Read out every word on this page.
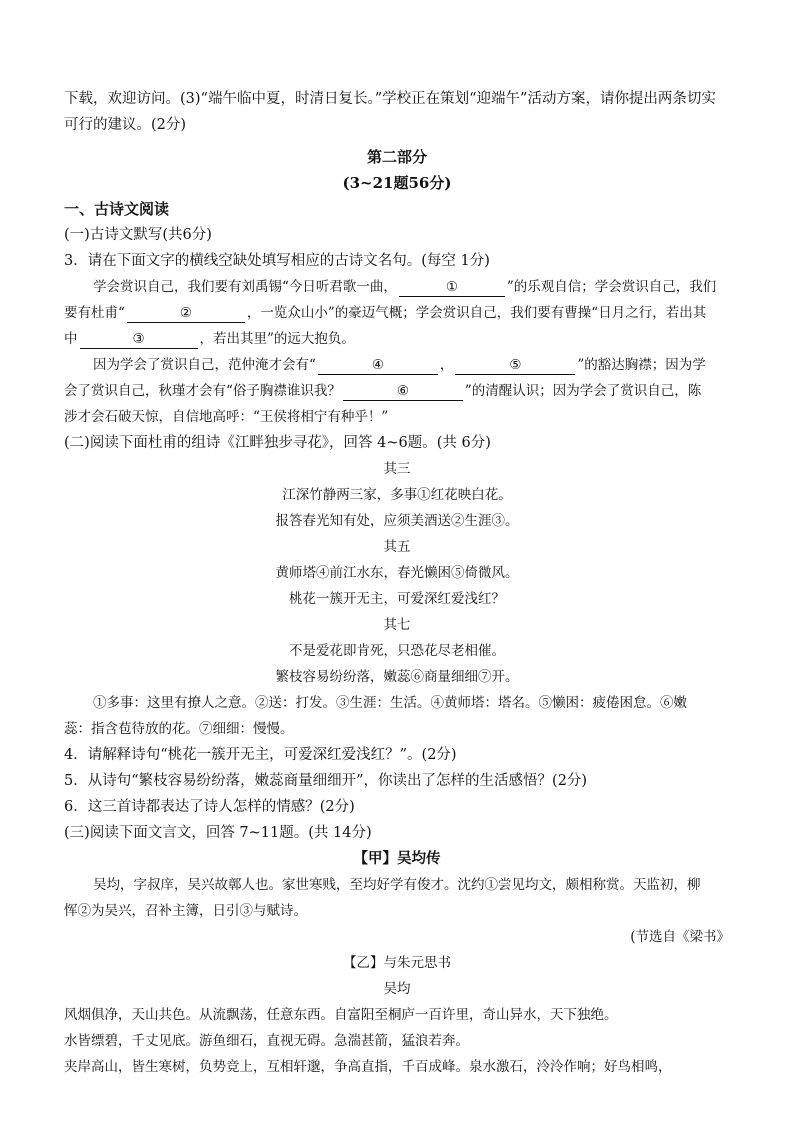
下载，欢迎访问。(3)“端午临中夏，时清日复长。”学校正在策划“迎端午”活动方案，请你提出两条切实
可行的建议。(2分)
第二部分
(3~21题56分)
一、古诗文阅读
(一)古诗文默写(共6分)
3．请在下面文字的横线空缺处填写相应的古诗文名句。(每空 1分)
学会赏识自己，我们要有刘禹锡“今日听君歌一曲，	①	”的乐观自信；学会赏识自己，我们
要有杜甫“	②	，一览众山小”的豪迈气概；学会赏识自己，我们要有曹操“日月之行，若出其
中	③	，若出其里”的远大抱负。
因为学会了赏识自己，范仲淹才会有“	④	，	⑤	”的豁达胸襟；因为学
会了赏识自己，秋瑾才会有“俗子胸襟谁识我？	⑥	”的清醒认识；因为学会了赏识自己，陈
涉才会石破天惊，自信地高呼：“王侯将相宁有种乎！”
(二)阅读下面杜甫的组诗《江畔独步寻花》，回答 4~6题。(共 6分)
其三
江深竹静两三家，多事①红花映白花。
报答春光知有处，应须美酒送②生涯③。
其五
黄师塔④前江水东，春光懒困⑤倚微风。
桃花一簇开无主，可爱深红爱浅红？
其七
不是爱花即肯死，只恐花尽老相催。
繁枝容易纷纷落，嫩蕊⑥商量细细⑦开。
①多事：这里有撩人之意。②送：打发。③生涯：生活。④黄师塔：塔名。⑤懒困：疲倦困怠。⑥嫩
蕊：指含苞待放的花。⑦细细：慢慢。
4．请解释诗句“桃花一簇开无主，可爱深红爱浅红？”。(2分)
5．从诗句“繁枝容易纷纷落，嫩蕊商量细细开”，你读出了怎样的生活感悟？(2分)
6．这三首诗都表达了诗人怎样的情感？(2分)
(三)阅读下面文言文，回答 7~11题。(共 14分)
【甲】吴均传
吴均，字叔庠，吴兴故鄣人也。家世寒贱，至均好学有俊才。沈约①尝见均文，颇相称赏。天监初，柳
恽②为吴兴，召补主簿，日引③与赋诗。
(节选自《梁书》
【乙】与朱元思书
吴均
风烟俱净，天山共色。从流飘荡，任意东西。自富阳至桐庐一百许里，奇山异水，天下独绝。
水皆缥碧，千丈见底。游鱼细石，直视无碍。急湍甚箭，猛浪若奔。
夹岸高山，皆生寒树，负势竞上，互相轩邈，争高直指，千百成峰。泉水激石，泠泠作响；好鸟相鸣，
